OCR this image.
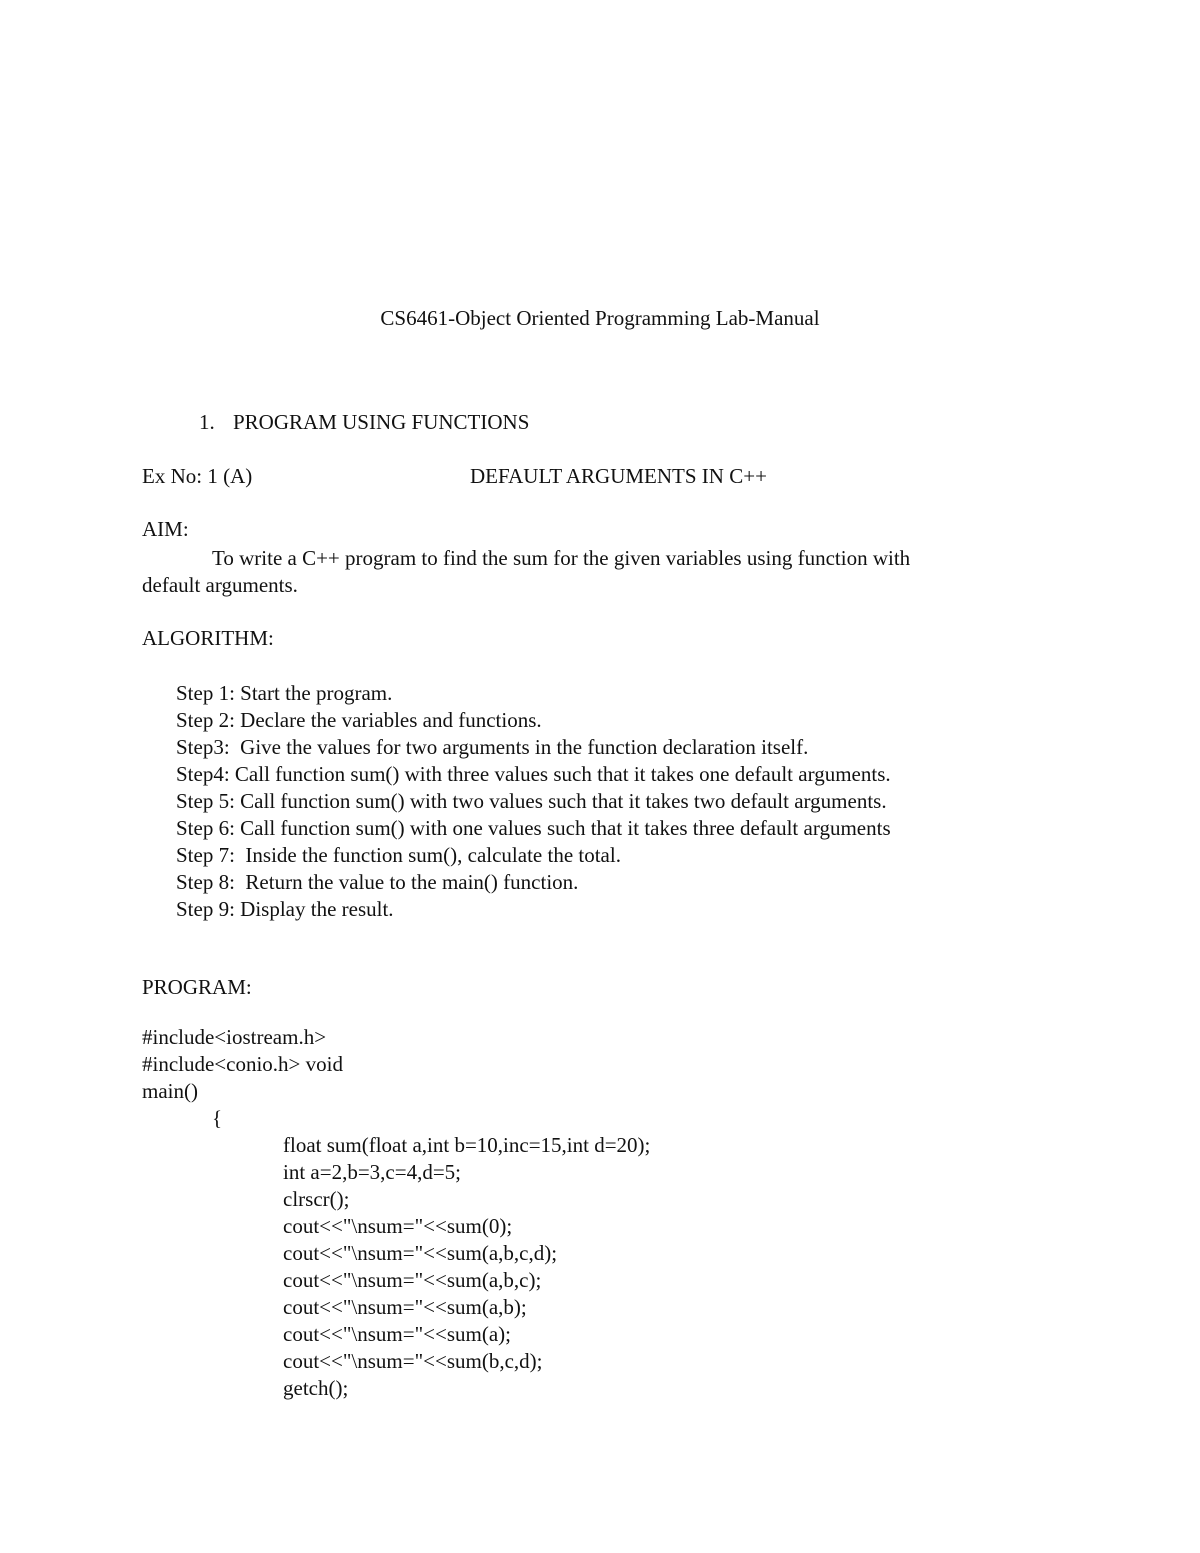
CS6461-Object Oriented Programming Lab-Manual

1. PROGRAM USING FUNCTIONS

Ex No: 1 (A)	DEFAULT ARGUMENTS IN C++
AIM:
To write a C++ program to find the sum for the given variables using function with
default arguments.
ALGORITHM:
Step 1: Start the program.
Step 2: Declare the variables and functions.
Step3:  Give the values for two arguments in the function declaration itself.
Step4: Call function sum() with three values such that it takes one default arguments.
Step 5: Call function sum() with two values such that it takes two default arguments.
Step 6: Call function sum() with one values such that it takes three default arguments
Step 7:  Inside the function sum(), calculate the total.
Step 8:  Return the value to the main() function.
Step 9: Display the result.
PROGRAM:
#include<iostream.h>
#include<conio.h> void
main()
{
float sum(float a,int b=10,inc=15,int d=20);
int a=2,b=3,c=4,d=5;
clrscr();
cout<<"\nsum="<<sum(0);
cout<<"\nsum="<<sum(a,b,c,d);
cout<<"\nsum="<<sum(a,b,c);
cout<<"\nsum="<<sum(a,b);
cout<<"\nsum="<<sum(a);
cout<<"\nsum="<<sum(b,c,d);
getch();
